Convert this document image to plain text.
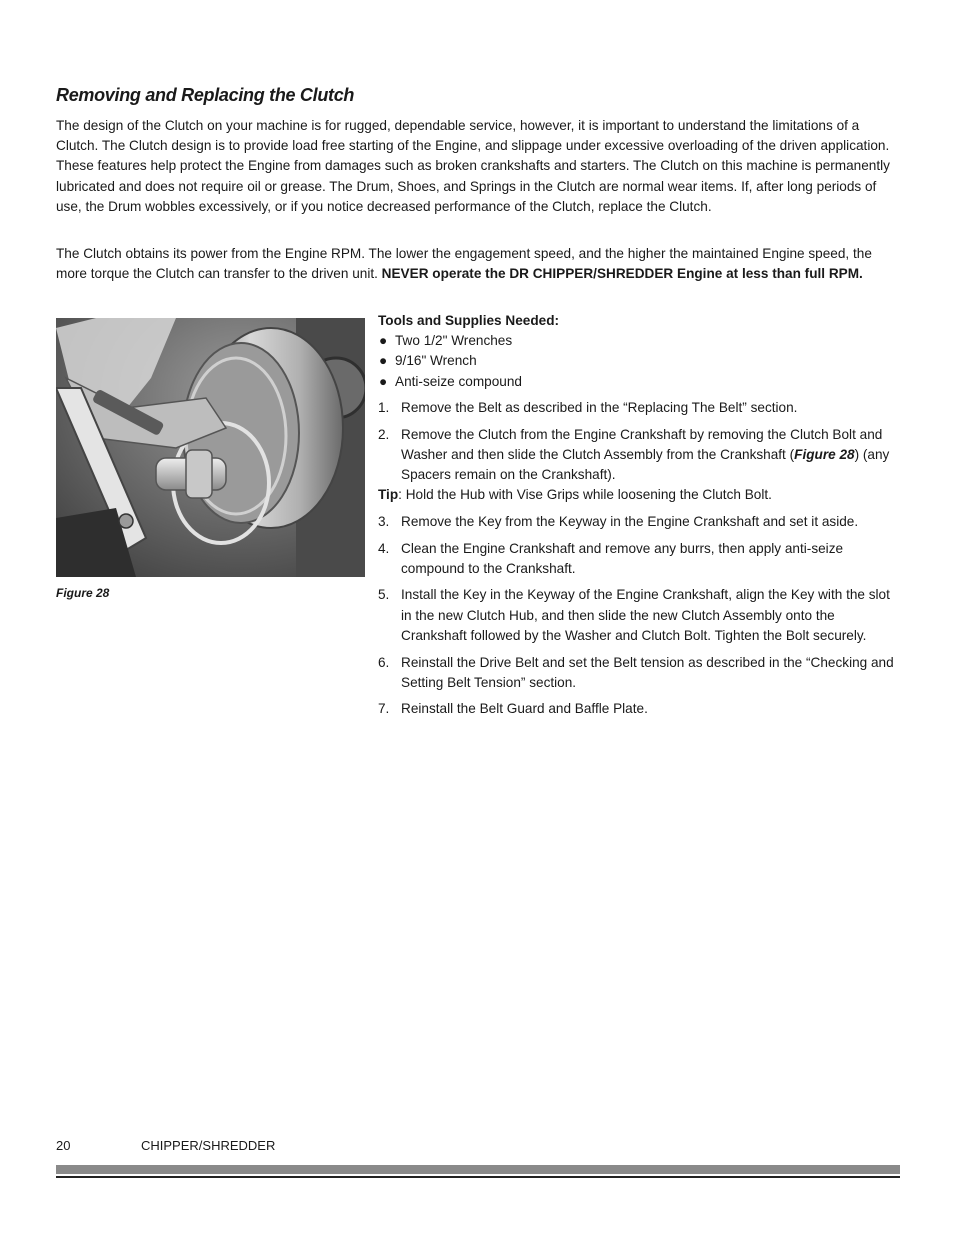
Removing and Replacing the Clutch

The design of the Clutch on your machine is for rugged, dependable service, however, it is important to understand the limitations of a Clutch. The Clutch design is to provide load free starting of the Engine, and slippage under excessive overloading of the driven application. These features help protect the Engine from damages such as broken crankshafts and starters. The Clutch on this machine is permanently lubricated and does not require oil or grease. The Drum, Shoes, and Springs in the Clutch are normal wear items. If, after long periods of use, the Drum wobbles excessively, or if you notice decreased performance of the Clutch, replace the Clutch.

The Clutch obtains its power from the Engine RPM. The lower the engagement speed, and the higher the maintained Engine speed, the more torque the Clutch can transfer to the driven unit. NEVER operate the DR CHIPPER/SHREDDER Engine at less than full RPM.

Figure 28

Tools and Supplies Needed:

● Two 1/2" Wrenches
● 9/16" Wrench
● Anti-seize compound
1. Remove the Belt as described in the “Replacing The Belt” section.
2. Remove the Clutch from the Engine Crankshaft by removing the Clutch Bolt and Washer and then slide the Clutch Assembly from the Crankshaft (Figure 28) (any Spacers remain on the Crankshaft).

Tip: Hold the Hub with Vise Grips while loosening the Clutch Bolt.

3. Remove the Key from the Keyway in the Engine Crankshaft and set it aside.
4. Clean the Engine Crankshaft and remove any burrs, then apply anti-seize compound to the Crankshaft.
5. Install the Key in the Keyway of the Engine Crankshaft, align the Key with the slot in the new Clutch Hub, and then slide the new Clutch Assembly onto the Crankshaft followed by the Washer and Clutch Bolt. Tighten the Bolt securely.
6. Reinstall the Drive Belt and set the Belt tension as described in the “Checking and Setting Belt Tension” section.
7. Reinstall the Belt Guard and Baffle Plate.
20	CHIPPER/SHREDDER
